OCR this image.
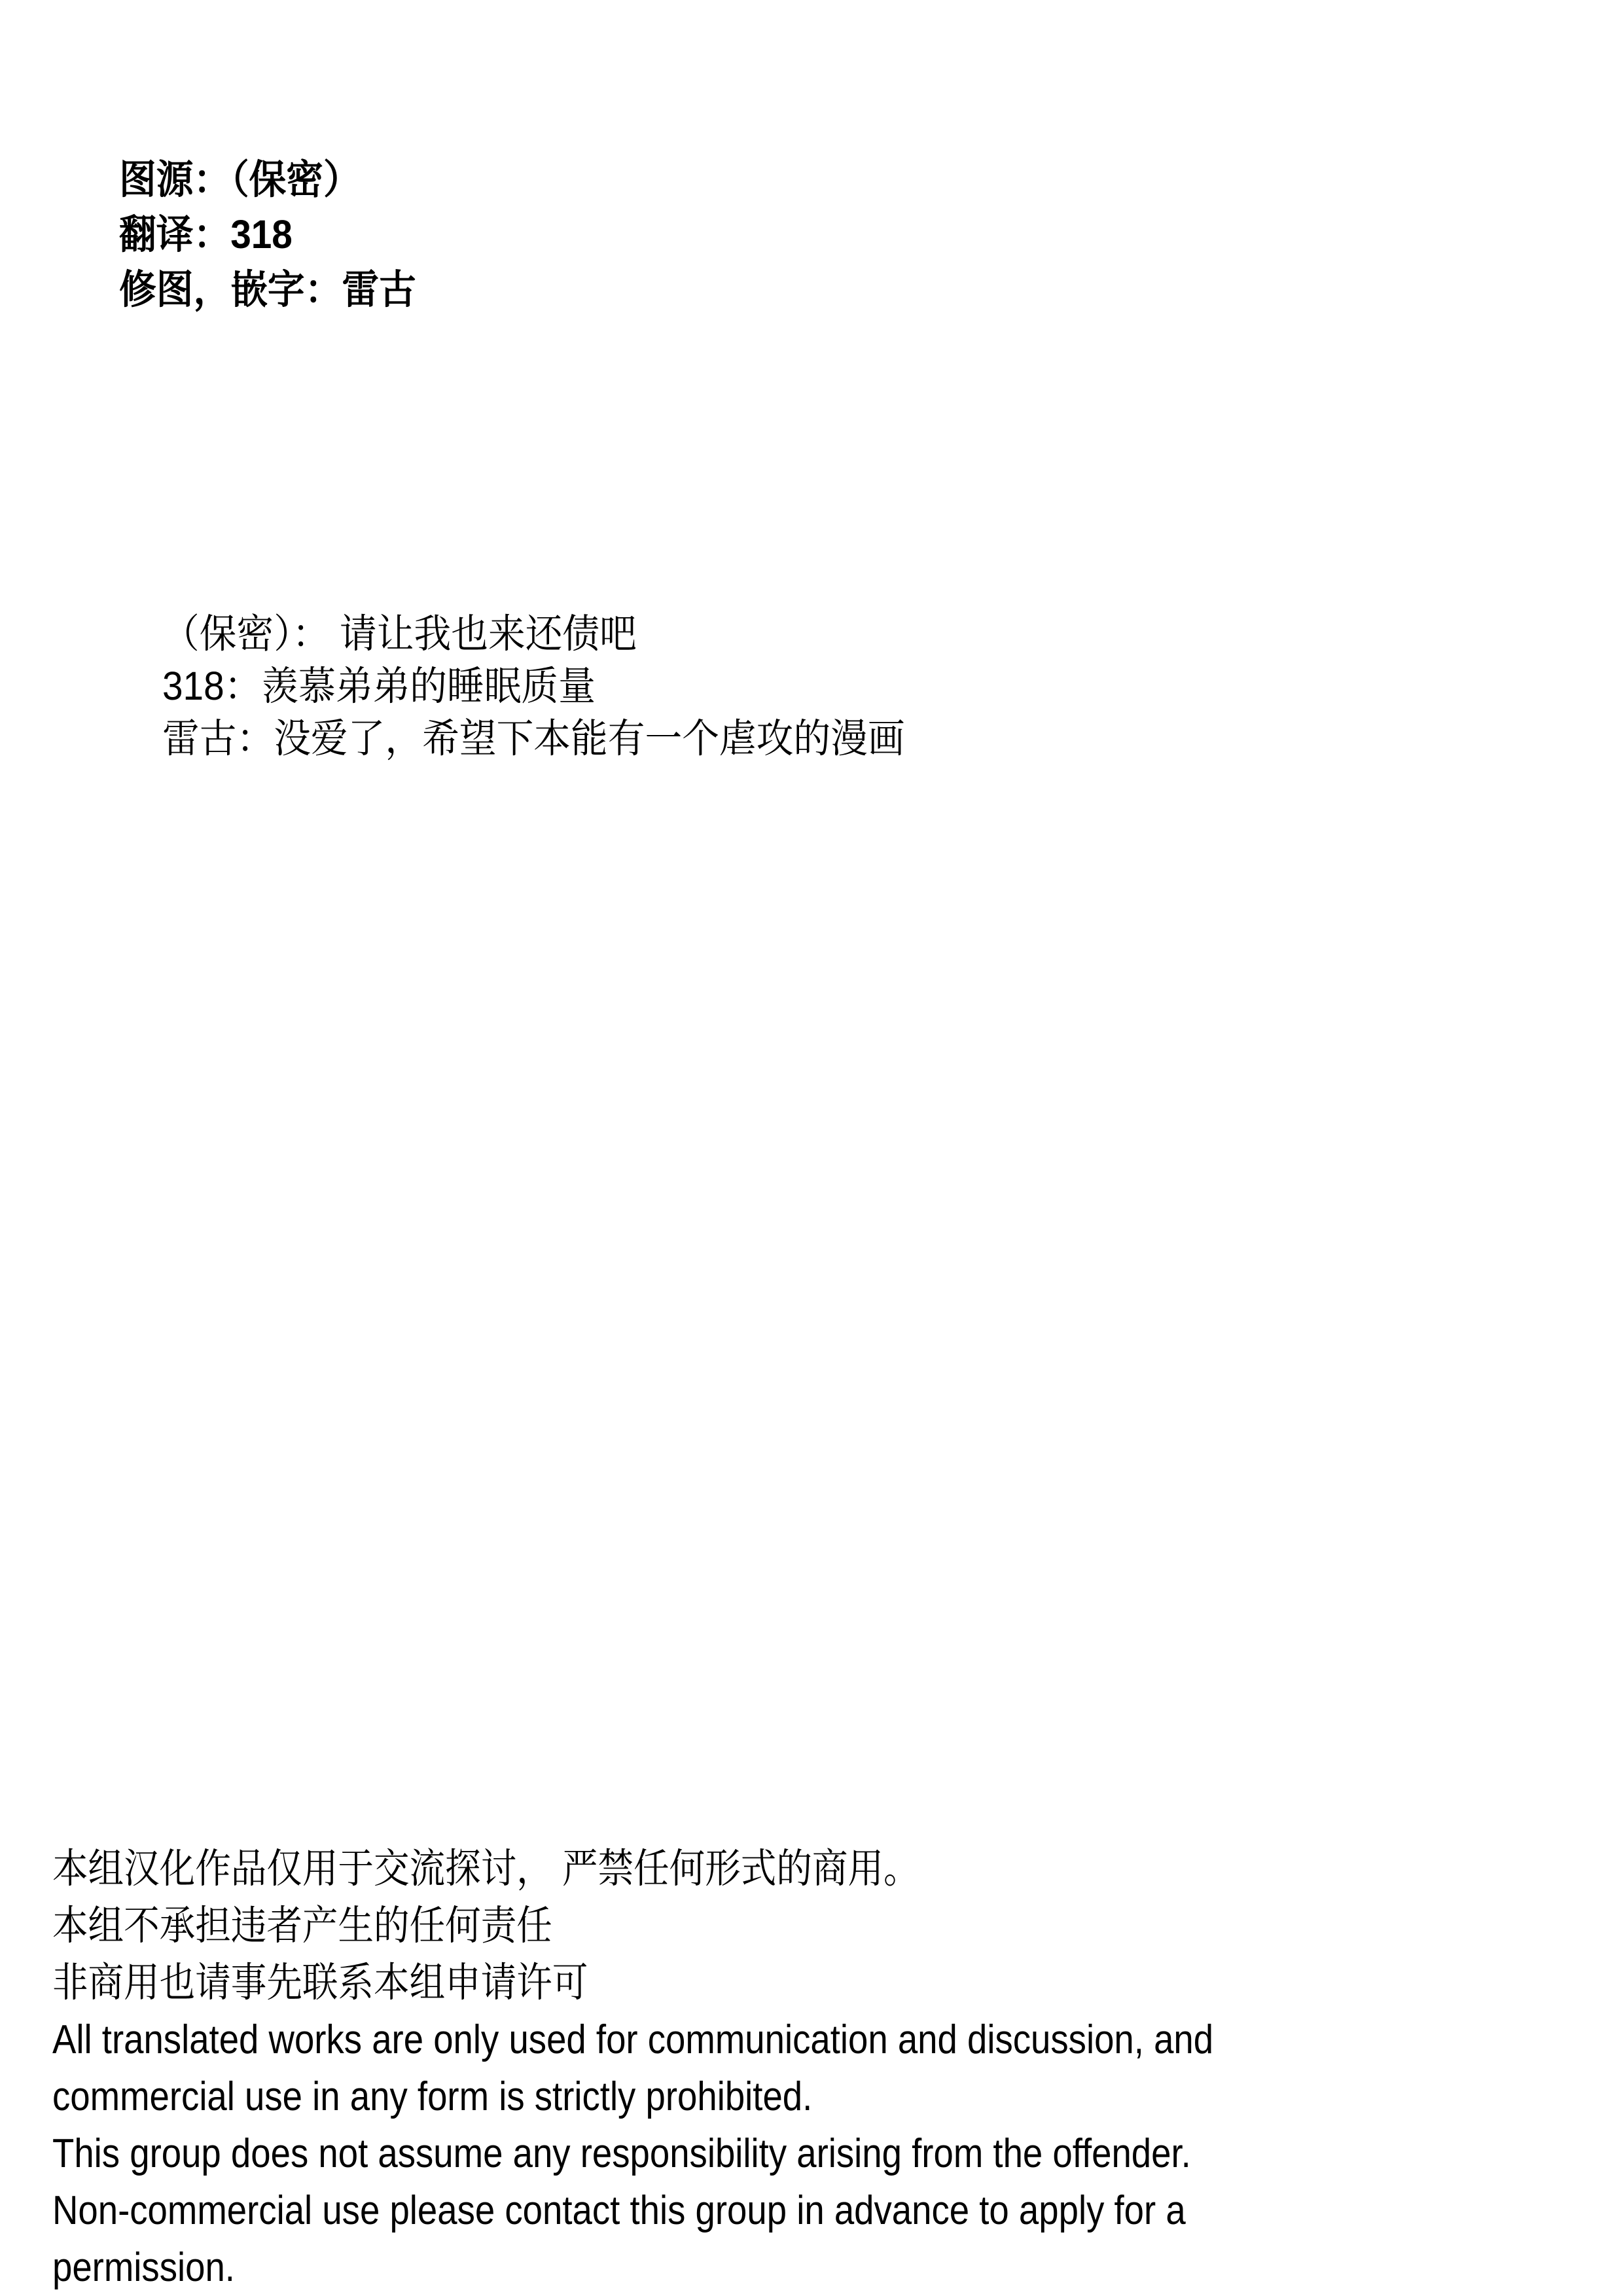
图源：（保密）
翻译：318
修图，嵌字：雷古
（保密）： 请让我也来还债吧
318：羡慕弟弟的睡眠质量
雷古：没爱了，希望下本能有一个虐攻的漫画
本组汉化作品仅用于交流探讨， 严禁任何形式的商用。
本组不承担违者产生的任何责任
非商用也请事先联系本组申请许可
All translated works are only used for communication and discussion, and
commercial use in any form is strictly prohibited.
This group does not assume any responsibility arising from the offender.
Non-commercial use please contact this group in advance to apply for a
permission.
